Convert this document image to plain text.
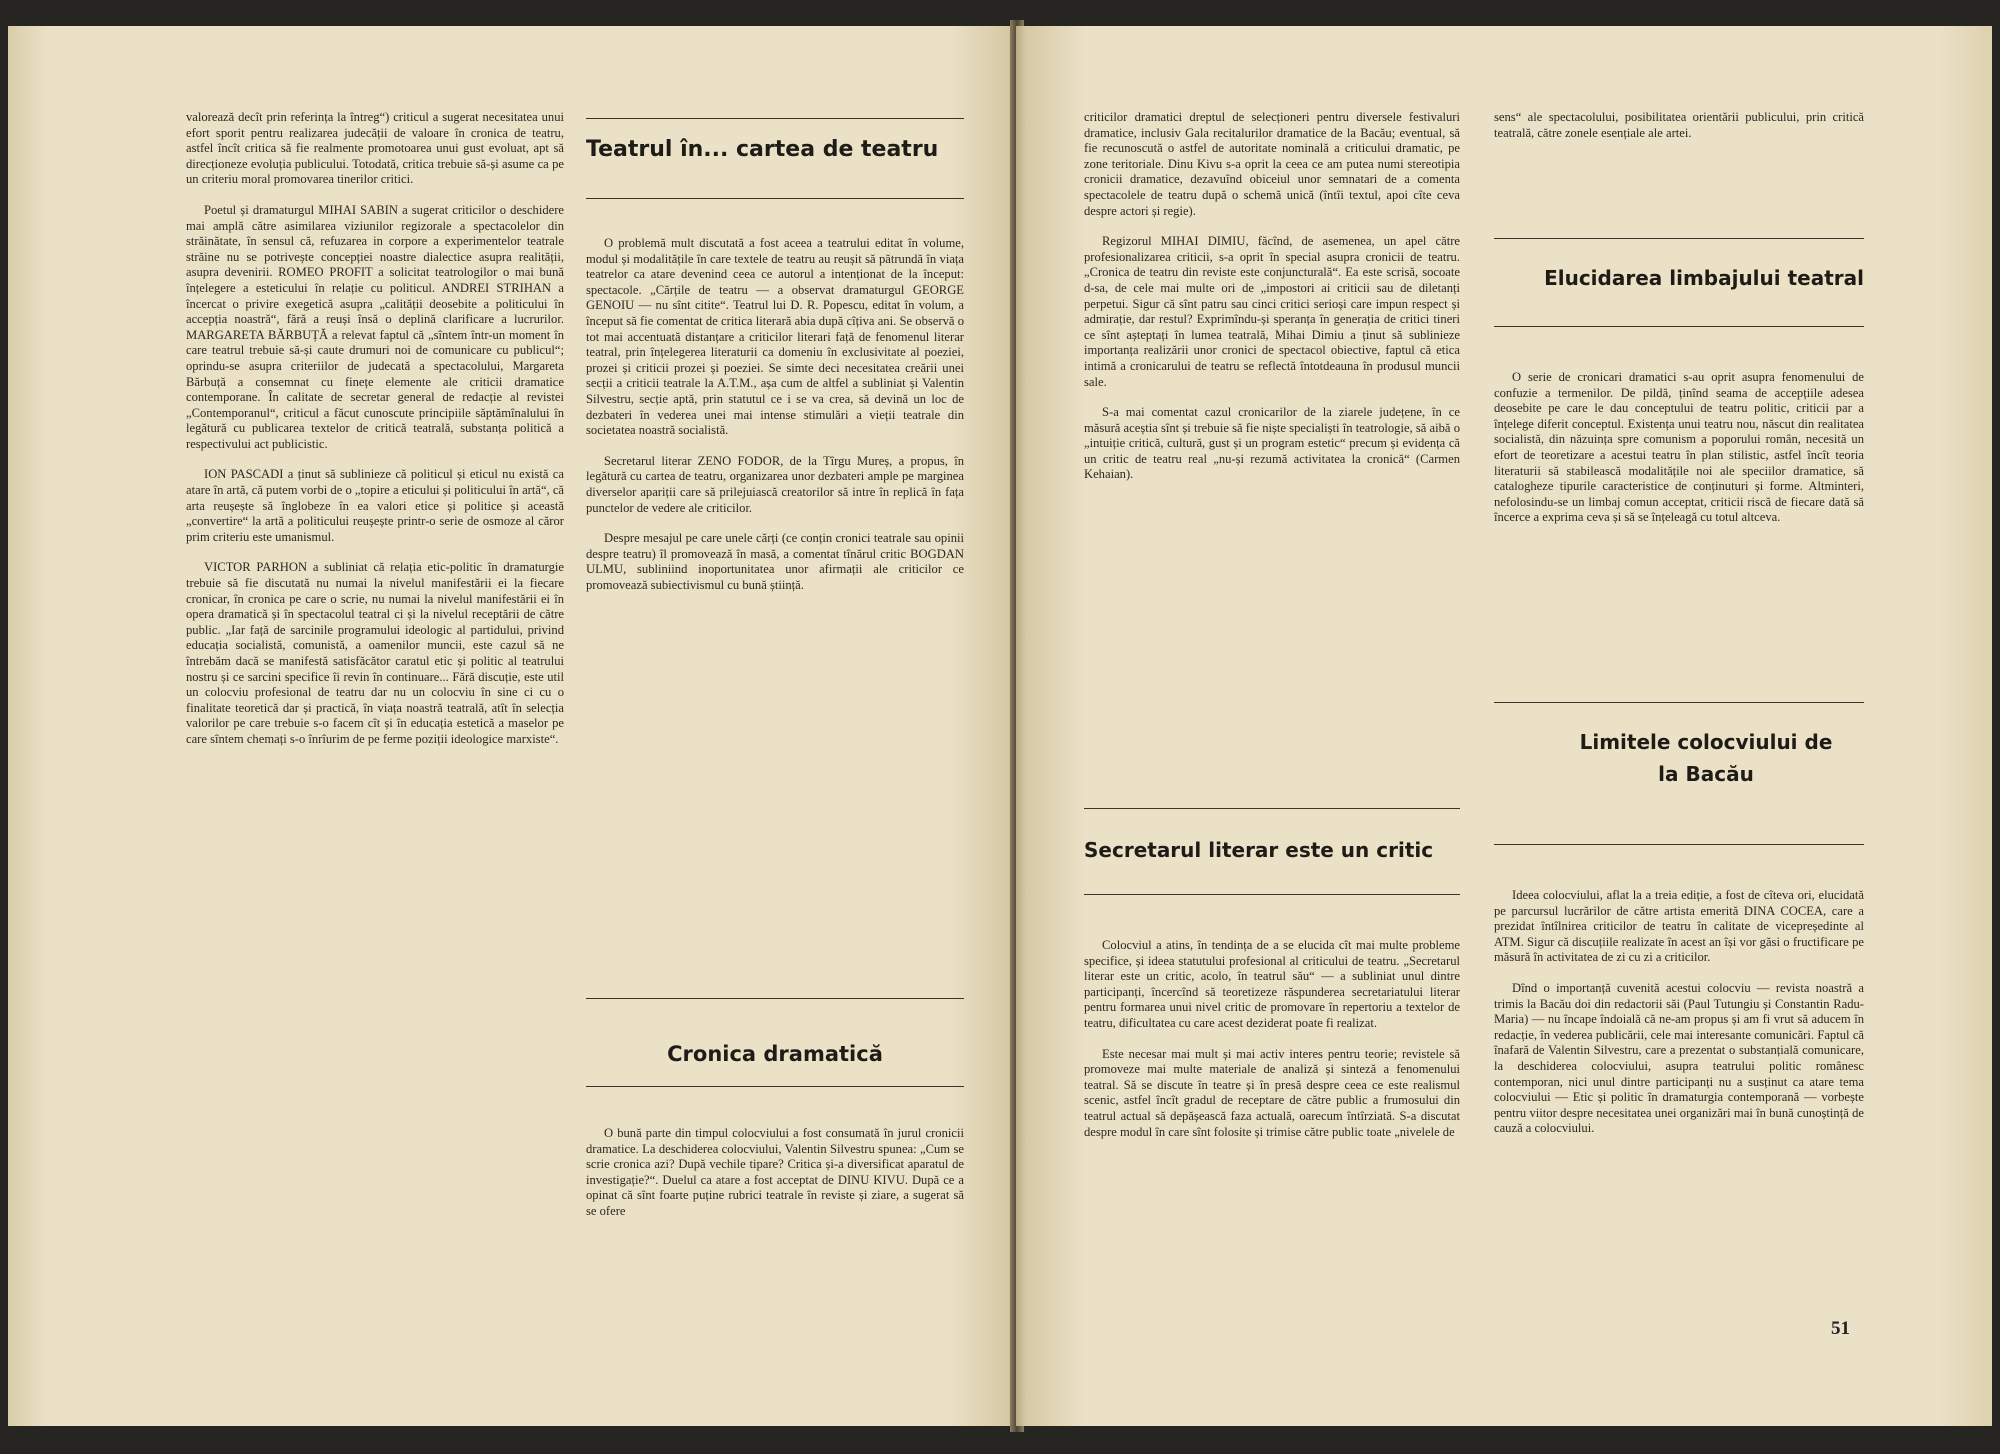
valorează decît prin referința la întreg“) criticul a sugerat necesitatea unui efort sporit pentru realizarea judecății de valoare în cronica de teatru, astfel încît critica să fie realmente promotoarea unui gust evoluat, apt să direcționeze evoluția publicului. Totodată, critica trebuie să-și asume ca pe un criteriu moral promovarea tinerilor critici.

Poetul și dramaturgul MIHAI SABIN a sugerat criticilor o deschidere mai amplă către asimilarea viziunilor regizorale a spectacolelor din străinătate, în sensul că, refuzarea in corpore a experimentelor teatrale străine nu se potrivește concepției noastre dialectice asupra realității, asupra devenirii. ROMEO PROFIT a solicitat teatrologilor o mai bună înțelegere a esteticului în relație cu politicul. ANDREI STRIHAN a încercat o privire exegetică asupra „calității deosebite a politicului în accepția noastră“, fără a reuși însă o deplină clarificare a lucrurilor. MARGARETA BĂRBUȚĂ a relevat faptul că „sîntem într-un moment în care teatrul trebuie să-și caute drumuri noi de comunicare cu publicul“; oprindu-se asupra criteriilor de judecată a spectacolului, Margareta Bărbuță a consemnat cu finețe elemente ale criticii dramatice contemporane. În calitate de secretar general de redacție al revistei „Contemporanul“, criticul a făcut cunoscute principiile săptămînalului în legătură cu publicarea textelor de critică teatrală, substanța politică a respectivului act publicistic.

ION PASCADI a ținut să sublinieze că politicul și eticul nu există ca atare în artă, că putem vorbi de o „topire a eticului și politicului în artă“, că arta reușește să înglobeze în ea valori etice și politice și această „convertire“ la artă a politicului reușește printr-o serie de osmoze al căror prim criteriu este umanismul.

VICTOR PARHON a subliniat că relația etic-politic în dramaturgie trebuie să fie discutată nu numai la nivelul manifestării ei la fiecare cronicar, în cronica pe care o scrie, nu numai la nivelul manifestării ei în opera dramatică și în spectacolul teatral ci și la nivelul receptării de către public. „Iar față de sarcinile programului ideologic al partidului, privind educația socialistă, comunistă, a oamenilor muncii, este cazul să ne întrebăm dacă se manifestă satisfăcător caratul etic și politic al teatrului nostru și ce sarcini specifice îi revin în continuare... Fără discuție, este util un colocviu profesional de teatru dar nu un colocviu în sine ci cu o finalitate teoretică dar și practică, în viața noastră teatrală, atît în selecția valorilor pe care trebuie s-o facem cît și în educația estetică a maselor pe care sîntem chemați s-o înrîurim de pe ferme poziții ideologice marxiste“.

Teatrul în... cartea de teatru

O problemă mult discutată a fost aceea a teatrului editat în volume, modul și modalitățile în care textele de teatru au reușit să pătrundă în viața teatrelor ca atare devenind ceea ce autorul a intenționat de la început: spectacole. „Cărțile de teatru — a observat dramaturgul GEORGE GENOIU — nu sînt citite“. Teatrul lui D. R. Popescu, editat în volum, a început să fie comentat de critica literară abia după cîțiva ani. Se observă o tot mai accentuată distanțare a criticilor literari față de fenomenul literar teatral, prin înțelegerea literaturii ca domeniu în exclusivitate al poeziei, prozei și criticii prozei și poeziei. Se simte deci necesitatea creării unei secții a criticii teatrale la A.T.M., așa cum de altfel a subliniat și Valentin Silvestru, secție aptă, prin statutul ce i se va crea, să devină un loc de dezbateri în vederea unei mai intense stimulări a vieții teatrale din societatea noastră socialistă.

Secretarul literar ZENO FODOR, de la Tîrgu Mureș, a propus, în legătură cu cartea de teatru, organizarea unor dezbateri ample pe marginea diverselor apariții care să prilejuiască creatorilor să intre în replică în fața punctelor de vedere ale criticilor.

Despre mesajul pe care unele cărți (ce conțin cronici teatrale sau opinii despre teatru) îl promovează în masă, a comentat tînărul critic BOGDAN ULMU, subliniind inoportunitatea unor afirmații ale criticilor ce promovează subiectivismul cu bună știință.

Cronica dramatică

O bună parte din timpul colocviului a fost consumată în jurul cronicii dramatice. La deschiderea colocviului, Valentin Silvestru spunea: „Cum se scrie cronica azi? După vechile tipare? Critica și-a diversificat aparatul de investigație?“. Duelul ca atare a fost acceptat de DINU KIVU. După ce a opinat că sînt foarte puține rubrici teatrale în reviste și ziare, a sugerat să se ofere

criticilor dramatici dreptul de selecționeri pentru diversele festivaluri dramatice, inclusiv Gala recitalurilor dramatice de la Bacău; eventual, să fie recunoscută o astfel de autoritate nominală a criticului dramatic, pe zone teritoriale. Dinu Kivu s-a oprit la ceea ce am putea numi stereotipia cronicii dramatice, dezavuînd obiceiul unor semnatari de a comenta spectacolele de teatru după o schemă unică (întîi textul, apoi cîte ceva despre actori și regie).

Regizorul MIHAI DIMIU, făcînd, de asemenea, un apel către profesionalizarea criticii, s-a oprit în special asupra cronicii de teatru. „Cronica de teatru din reviste este conjuncturală“. Ea este scrisă, socoate d-sa, de cele mai multe ori de „impostori ai criticii sau de diletanți perpetui. Sigur că sînt patru sau cinci critici serioși care impun respect și admirație, dar restul? Exprimîndu-și speranța în generația de critici tineri ce sînt așteptați în lumea teatrală, Mihai Dimiu a ținut să sublinieze importanța realizării unor cronici de spectacol obiective, faptul că etica intimă a cronicarului de teatru se reflectă întotdeauna în produsul muncii sale.

S-a mai comentat cazul cronicarilor de la ziarele județene, în ce măsură aceștia sînt și trebuie să fie niște specialiști în teatrologie, să aibă o „intuiție critică, cultură, gust și un program estetic“ precum și evidența că un critic de teatru real „nu-și rezumă activitatea la cronică“ (Carmen Kehaian).

Secretarul literar este un critic

Colocviul a atins, în tendința de a se elucida cît mai multe probleme specifice, și ideea statutului profesional al criticului de teatru. „Secretarul literar este un critic, acolo, în teatrul său“ — a subliniat unul dintre participanți, încercînd să teoretizeze răspunderea secretariatului literar pentru formarea unui nivel critic de promovare în repertoriu a textelor de teatru, dificultatea cu care acest deziderat poate fi realizat.

Este necesar mai mult și mai activ interes pentru teorie; revistele să promoveze mai multe materiale de analiză și sinteză a fenomenului teatral. Să se discute în teatre și în presă despre ceea ce este realismul scenic, astfel încît gradul de receptare de către public a frumosului din teatrul actual să depășească faza actuală, oarecum întîrziată. S-a discutat despre modul în care sînt folosite și trimise către public toate „nivelele de

sens“ ale spectacolului, posibilitatea orientării publicului, prin critică teatrală, către zonele esențiale ale artei.

Elucidarea limbajului teatral

O serie de cronicari dramatici s-au oprit asupra fenomenului de confuzie a termenilor. De pildă, ținînd seama de accepțiile adesea deosebite pe care le dau conceptului de teatru politic, criticii par a înțelege diferit conceptul. Existența unui teatru nou, născut din realitatea socialistă, din năzuința spre comunism a poporului român, necesită un efort de teoretizare a acestui teatru în plan stilistic, astfel încît teoria literaturii să stabilească modalitățile noi ale speciilor dramatice, să catalogheze tipurile caracteristice de conținuturi și forme. Altminteri, nefolosindu-se un limbaj comun acceptat, criticii riscă de fiecare dată să încerce a exprima ceva și să se înțeleagă cu totul altceva.

Limitele colocviului de la Bacău

Ideea colocviului, aflat la a treia ediție, a fost de cîteva ori, elucidată pe parcursul lucrărilor de către artista emerită DINA COCEA, care a prezidat întîlnirea criticilor de teatru în calitate de vicepreședinte al ATM. Sigur că discuțiile realizate în acest an își vor găsi o fructificare pe măsură în activitatea de zi cu zi a criticilor.

Dînd o importanță cuvenită acestui colocviu — revista noastră a trimis la Bacău doi din redactorii săi (Paul Tutungiu și Constantin Radu-Maria) — nu încape îndoială că ne-am propus și am fi vrut să aducem în redacție, în vederea publicării, cele mai interesante comunicări. Faptul că înafară de Valentin Silvestru, care a prezentat o substanțială comunicare, la deschiderea colocviului, asupra teatrului politic românesc contemporan, nici unul dintre participanți nu a susținut ca atare tema colocviului — Etic și politic în dramaturgia contemporană — vorbește pentru viitor despre necesitatea unei organizări mai în bună cunoștință de cauză a colocviului.

51
